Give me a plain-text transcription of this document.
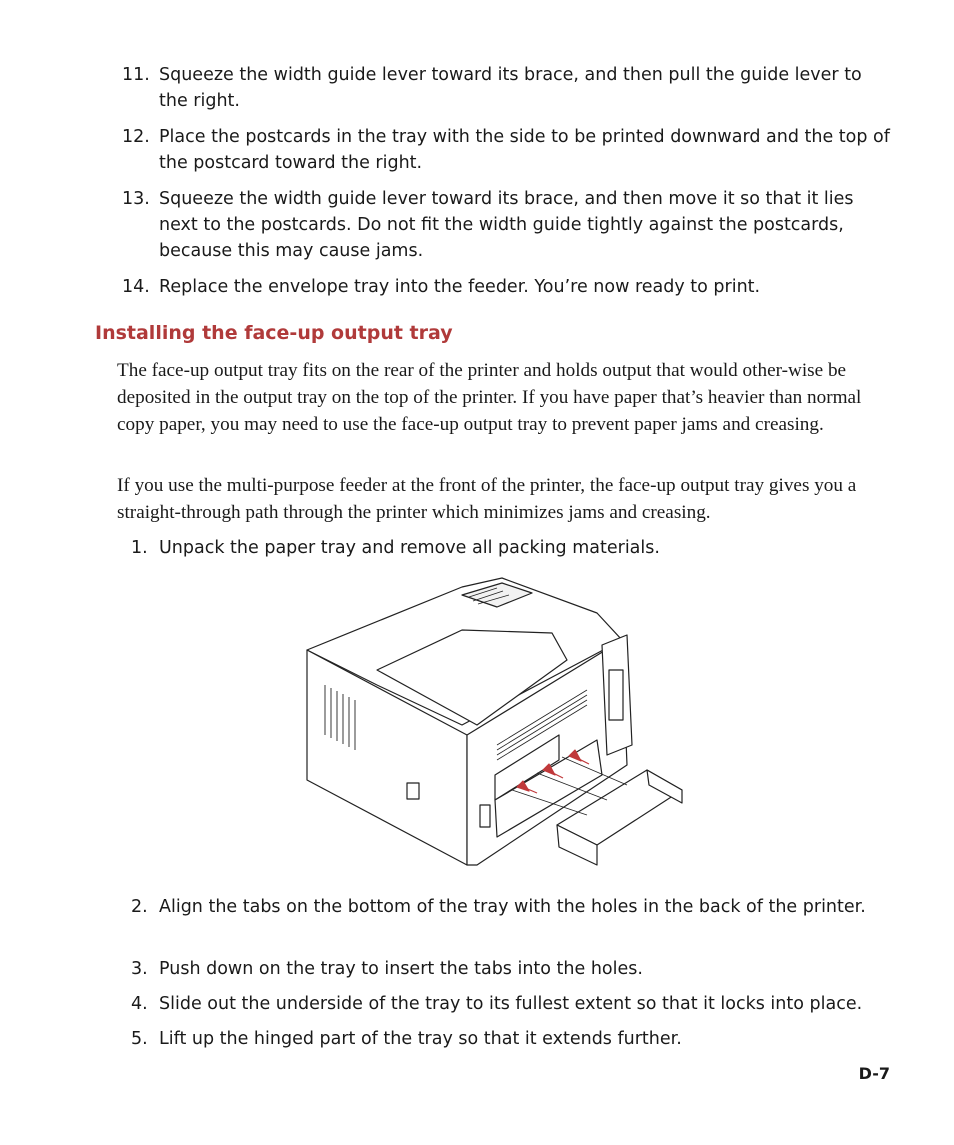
11. Squeeze the width guide lever toward its brace, and then pull the guide lever to the right.
12. Place the postcards in the tray with the side to be printed downward and the top of the postcard toward the right.
13. Squeeze the width guide lever toward its brace, and then move it so that it lies next to the postcards. Do not fit the width guide tightly against the postcards, because this may cause jams.
14. Replace the envelope tray into the feeder. You’re now ready to print.
Installing the face-up output tray

The face-up output tray fits on the rear of the printer and holds output that would other-wise be deposited in the output tray on the top of the printer. If you have paper that’s heavier than normal copy paper, you may need to use the face-up output tray to prevent paper jams and creasing.

If you use the multi-purpose feeder at the front of the printer, the face-up output tray gives you a straight-through path through the printer which minimizes jams and creasing.

1. Unpack the paper tray and remove all packing materials.
2. Align the tabs on the bottom of the tray with the holes in the back of the printer.
3. Push down on the tray to insert the tabs into the holes.
4. Slide out the underside of the tray to its fullest extent so that it locks into place.
5. Lift up the hinged part of the tray so that it extends further.
D-7
